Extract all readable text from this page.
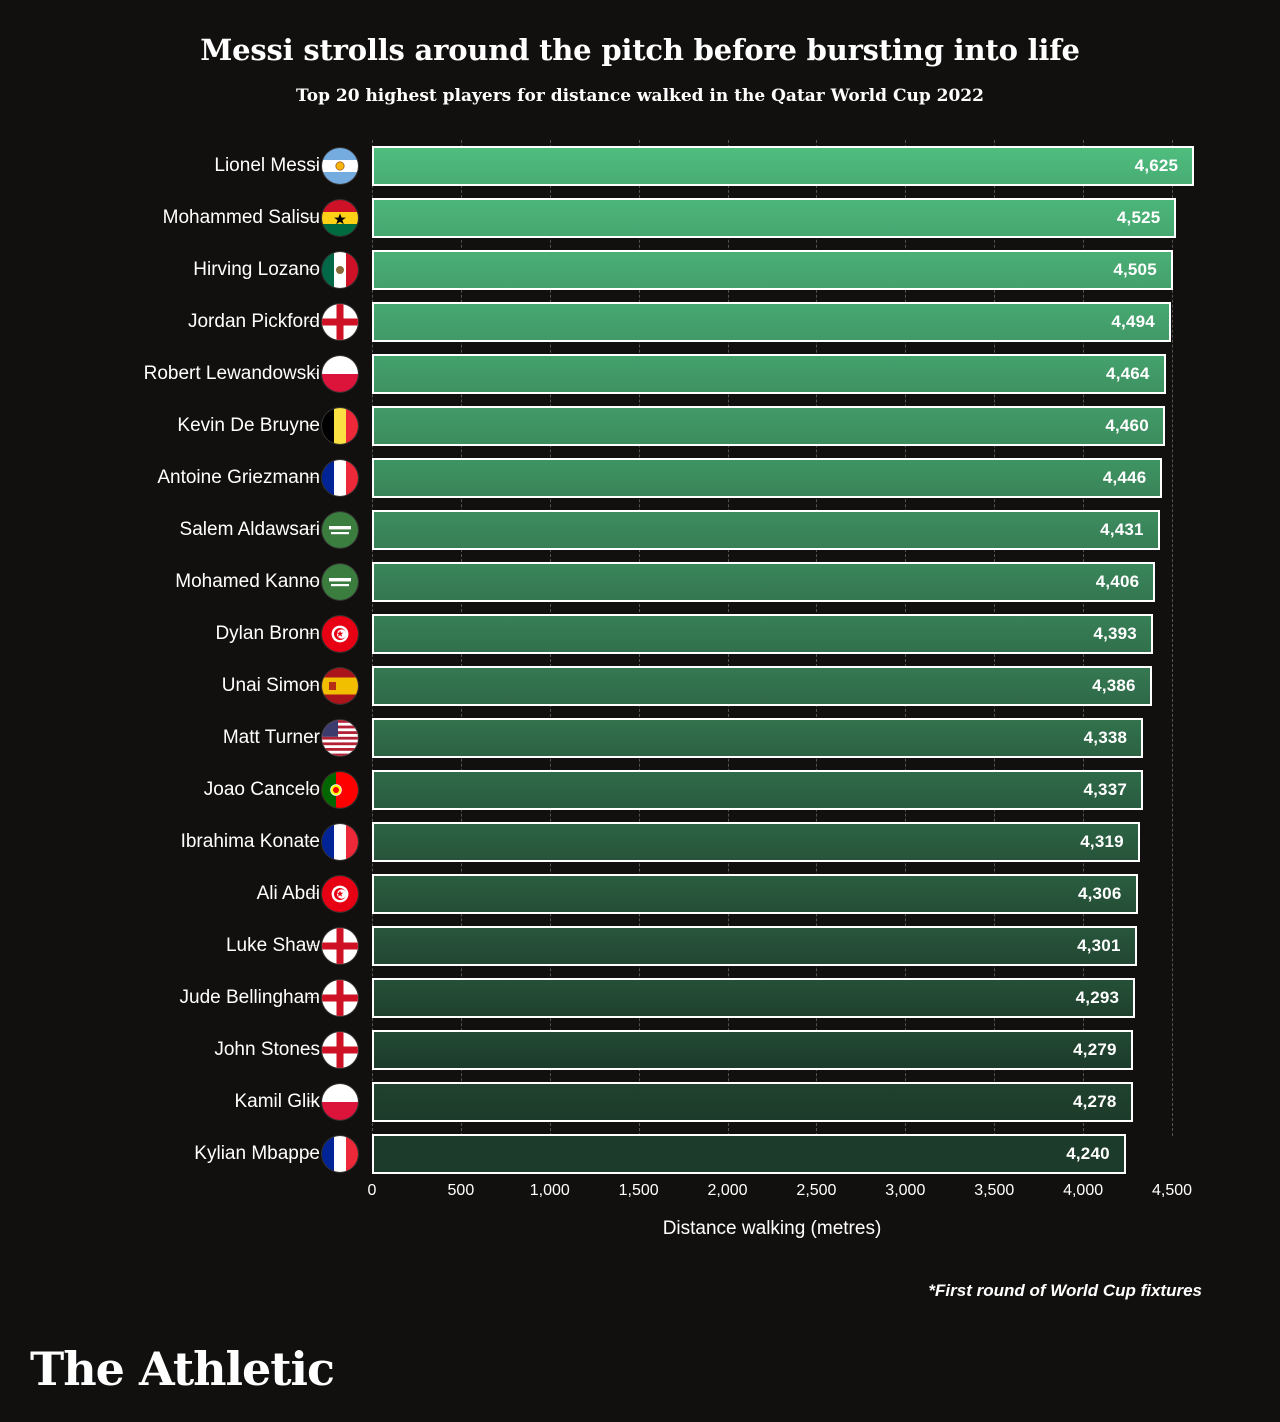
Messi strolls around the pitch before bursting into life
Top 20 highest players for distance walked in the Qatar World Cup 2022
Lionel Messi	4,625
Mohammed Salisu	4,525
Hirving Lozano	4,505
Jordan Pickford	4,494
Robert Lewandowski	4,464
Kevin De Bruyne	4,460
Antoine Griezmann	4,446
Salem Aldawsari	4,431
Mohamed Kanno	4,406
Dylan Bronn	4,393
Unai Simon	4,386
Matt Turner	4,338
Joao Cancelo	4,337
Ibrahima Konate	4,319
Ali Abdi	4,306
Luke Shaw	4,301
Jude Bellingham	4,293
John Stones	4,279
Kamil Glik	4,278
Kylian Mbappe	4,240
0	500	1,000	1,500	2,000	2,500	3,000	3,500	4,000	4,500
Distance walking (metres)
*First round of World Cup fixtures
The Athletic
